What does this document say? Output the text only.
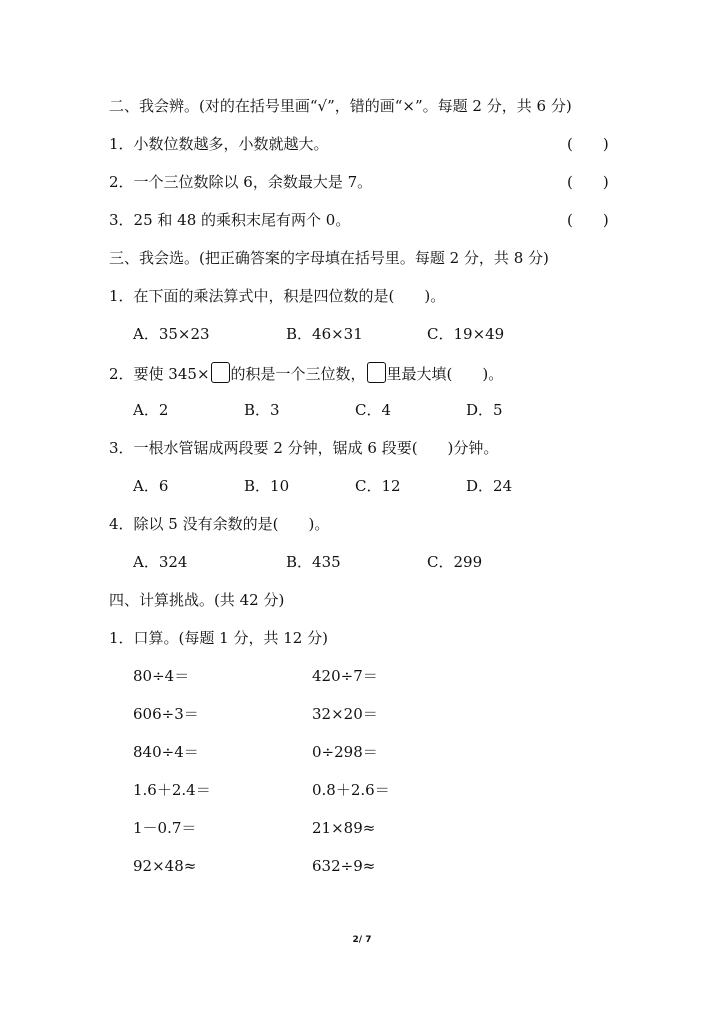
二、我会辨。(对的在括号里画“√”，错的画“×”。每题 2 分，共 6 分)
1．小数位数越多，小数就越大。	(　　)
2．一个三位数除以 6，余数最大是 7。	(　　)
3．25 和 48 的乘积末尾有两个 0。	(　　)
三、我会选。(把正确答案的字母填在括号里。每题 2 分，共 8 分)
1．在下面的乘法算式中，积是四位数的是(　　)。
A．35×23	B．46×31	C．19×49
2．要使 345× 的积是一个三位数， 里最大填(　　)。
A．2	B．3	C．4	D．5
3．一根水管锯成两段要 2 分钟，锯成 6 段要(　　)分钟。
A．6	B．10	C．12	D．24
4．除以 5 没有余数的是(　　)。
A．324	B．435	C．299
四、计算挑战。(共 42 分)
1．口算。(每题 1 分，共 12 分)
80÷4＝	420÷7＝
606÷3＝	32×20＝
840÷4＝	0÷298＝
1.6＋2.4＝	0.8＋2.6＝
1－0.7＝	21×89≈
92×48≈	632÷9≈
2/ 7
